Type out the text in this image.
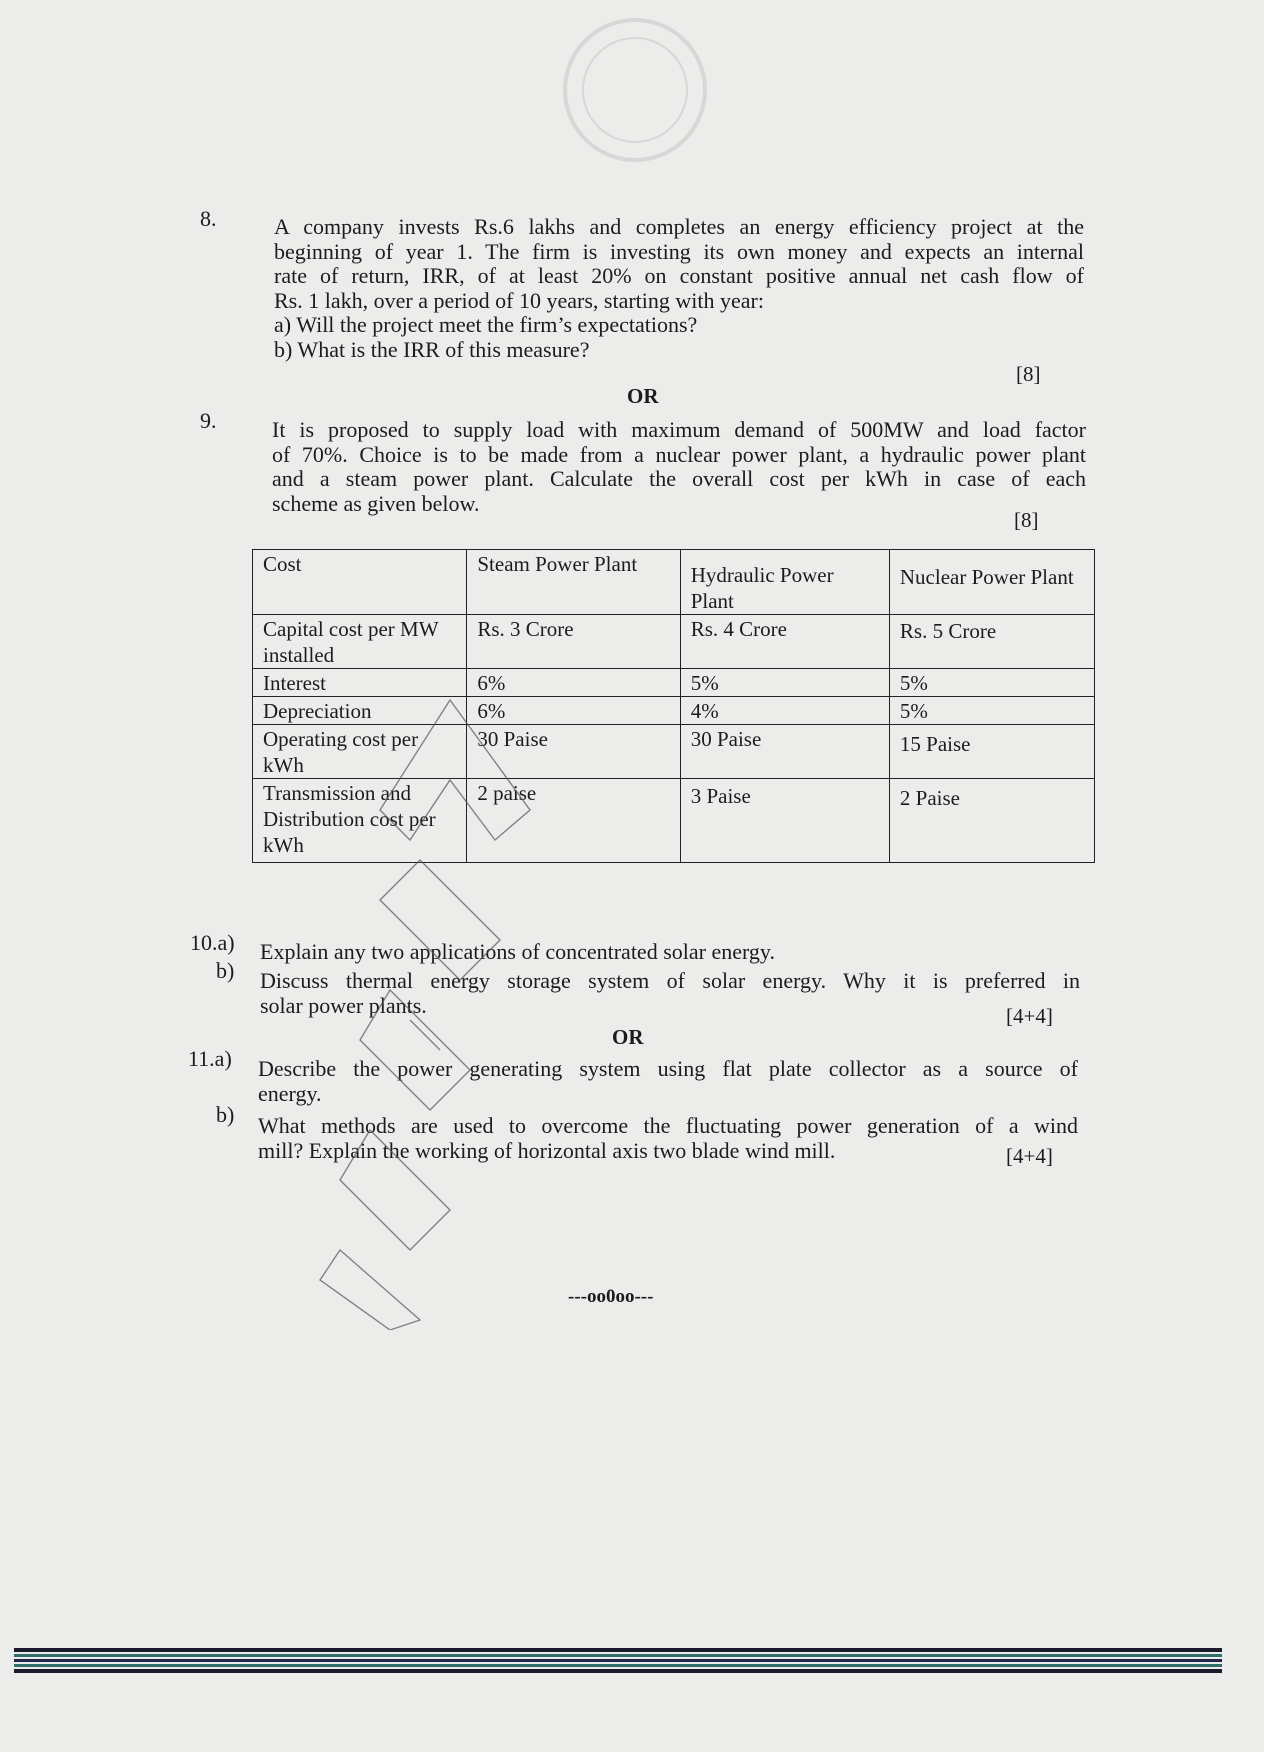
8.	A company invests Rs.6 lakhs and completes an energy efficiency project at the
beginning of year 1. The firm is investing its own money and expects an internal
rate of return, IRR, of at least 20% on constant positive annual net cash flow of
Rs. 1 lakh, over a period of 10 years, starting with year:
a) Will the project meet the firm’s expectations?
b) What is the IRR of this measure?
[8]
OR
9.	It is proposed to supply load with maximum demand of 500MW and load factor
of 70%. Choice is to be made from a nuclear power plant, a hydraulic power plant
and a steam power plant. Calculate the overall cost per kWh in case of each
scheme as given below.
[8]
Cost	Steam Power Plant	Hydraulic Power Plant	Nuclear Power Plant
Capital cost per MW installed	Rs. 3 Crore	Rs. 4 Crore	Rs. 5 Crore
Interest	6%	5%	5%
Depreciation	6%	4%	5%
Operating cost per kWh	30 Paise	30 Paise	15 Paise
Transmission and Distribution cost per kWh	2 paise	3 Paise	2 Paise
10.a) Explain any two applications of concentrated solar energy.
b) Discuss thermal energy storage system of solar energy. Why it is preferred in
solar power plants.	[4+4]
OR
11.a) Describe the power generating system using flat plate collector as a source of
energy.
b) What methods are used to overcome the fluctuating power generation of a wind
mill? Explain the working of horizontal axis two blade wind mill.	[4+4]
---oo0oo---
